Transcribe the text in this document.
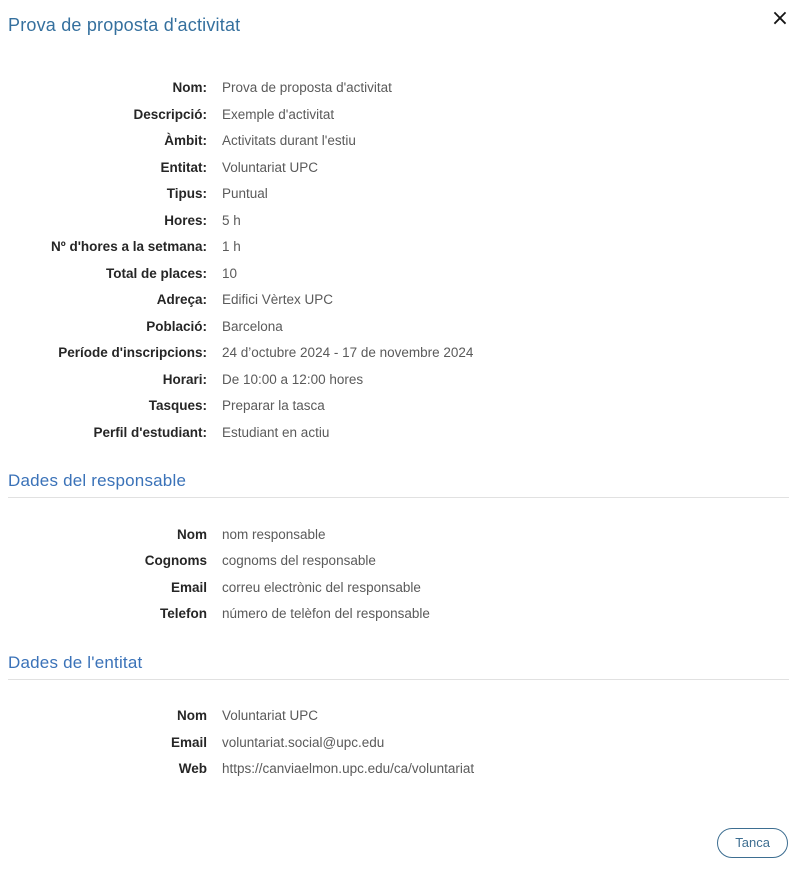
Prova de proposta d'activitat	×
Nom: Prova de proposta d'activitat
Descripció: Exemple d'activitat
Àmbit: Activitats durant l'estiu
Entitat: Voluntariat UPC
Tipus: Puntual
Hores: 5 h
Nº d'hores a la setmana: 1 h
Total de places: 10
Adreça: Edifici Vèrtex UPC
Població: Barcelona
Període d'inscripcions: 24 d’octubre 2024 - 17 de novembre 2024
Horari: De 10:00 a 12:00 hores
Tasques: Preparar la tasca
Perfil d'estudiant: Estudiant en actiu
Dades del responsable
Nom nom responsable
Cognoms cognoms del responsable
Email correu electrònic del responsable
Telefon número de telèfon del responsable
Dades de l'entitat
Nom Voluntariat UPC
Email voluntariat.social@upc.edu
Web https://canviaelmon.upc.edu/ca/voluntariat
Tanca
